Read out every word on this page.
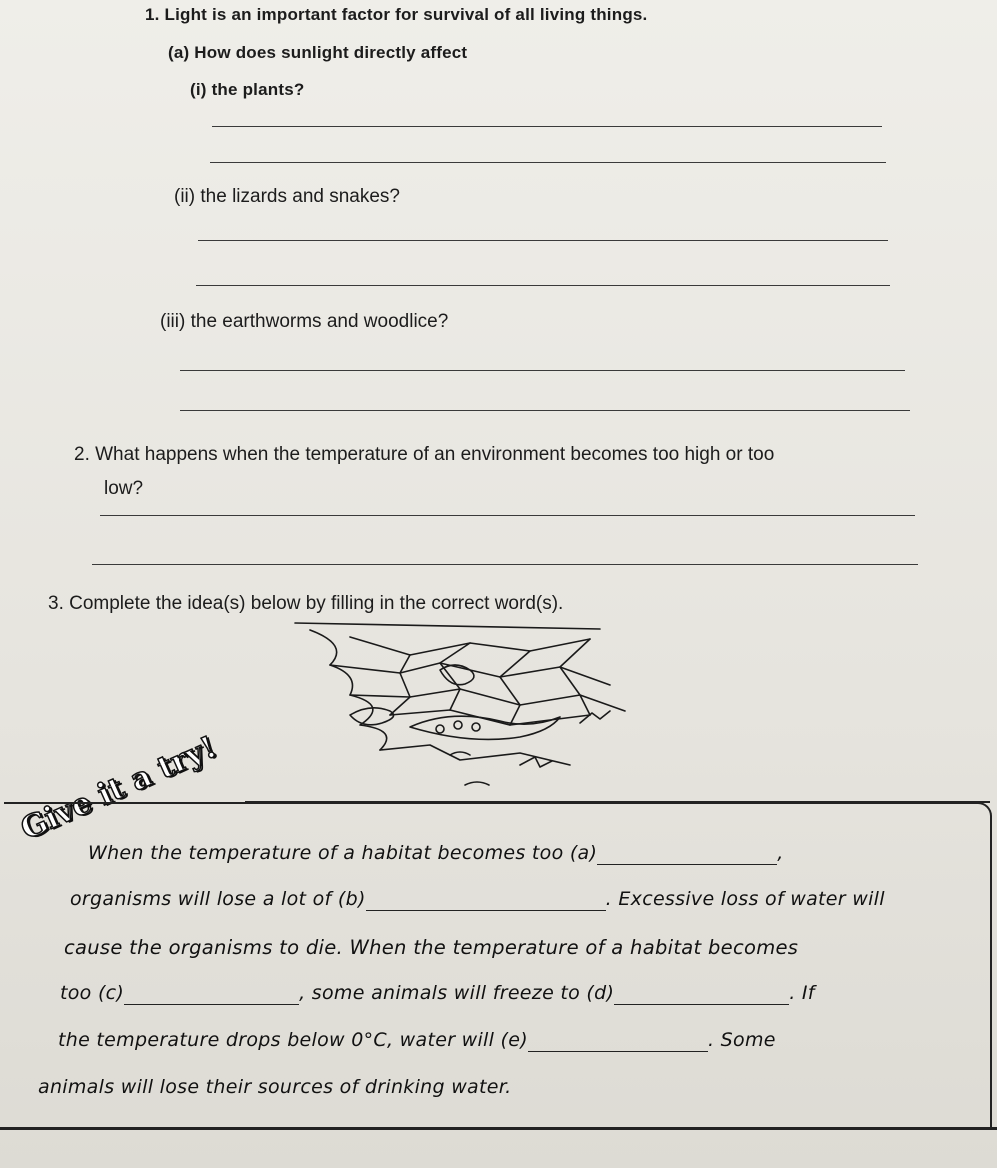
1. Light is an important factor for survival of all living things.
(a) How does sunlight directly affect
(i) the plants?
(ii) the lizards and snakes?
(iii) the earthworms and woodlice?
2. What happens when the temperature of an environment becomes too high or too
low?
3. Complete the idea(s) below by filling in the correct word(s).
Give it a try!
When the temperature of a habitat becomes too (a)	,
organisms will lose a lot of (b)	. Excessive loss of water will
cause the organisms to die. When the temperature of a habitat becomes
too (c)	, some animals will freeze to (d)	. If
the temperature drops below 0°C, water will (e)	. Some
animals will lose their sources of drinking water.
